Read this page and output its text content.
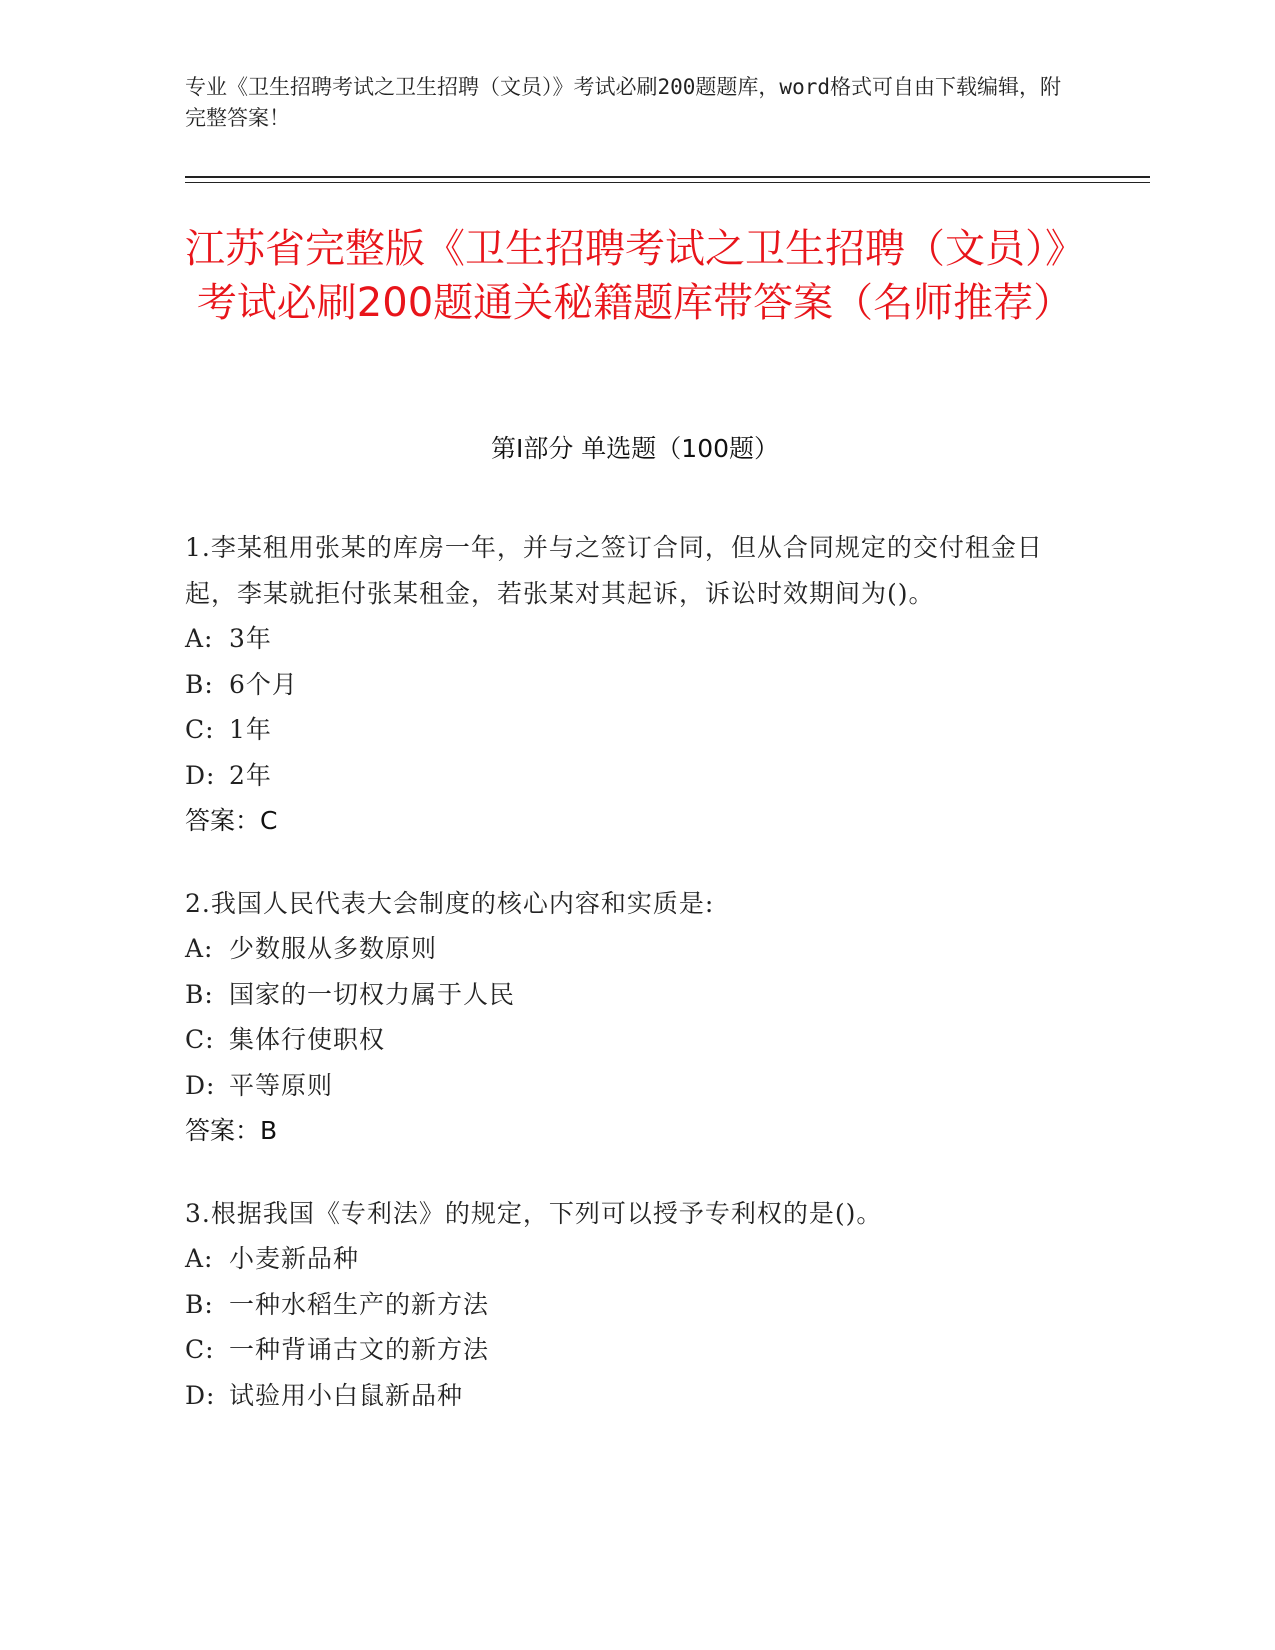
专业《卫生招聘考试之卫生招聘（文员）》考试必刷200题题库，word格式可自由下载编辑，附完整答案！
江苏省完整版《卫生招聘考试之卫生招聘（文员）》考试必刷200题通关秘籍题库带答案（名师推荐）
第Ⅰ部分 单选题（100题）
1.李某租用张某的库房一年，并与之签订合同，但从合同规定的交付租金日起，李某就拒付张某租金，若张某对其起诉，诉讼时效期间为()。
A: 3年
B: 6个月
C: 1年
D: 2年
答案：C
2.我国人民代表大会制度的核心内容和实质是:
A: 少数服从多数原则
B: 国家的一切权力属于人民
C: 集体行使职权
D: 平等原则
答案：B
3.根据我国《专利法》的规定，下列可以授予专利权的是()。
A: 小麦新品种
B: 一种水稻生产的新方法
C: 一种背诵古文的新方法
D: 试验用小白鼠新品种
